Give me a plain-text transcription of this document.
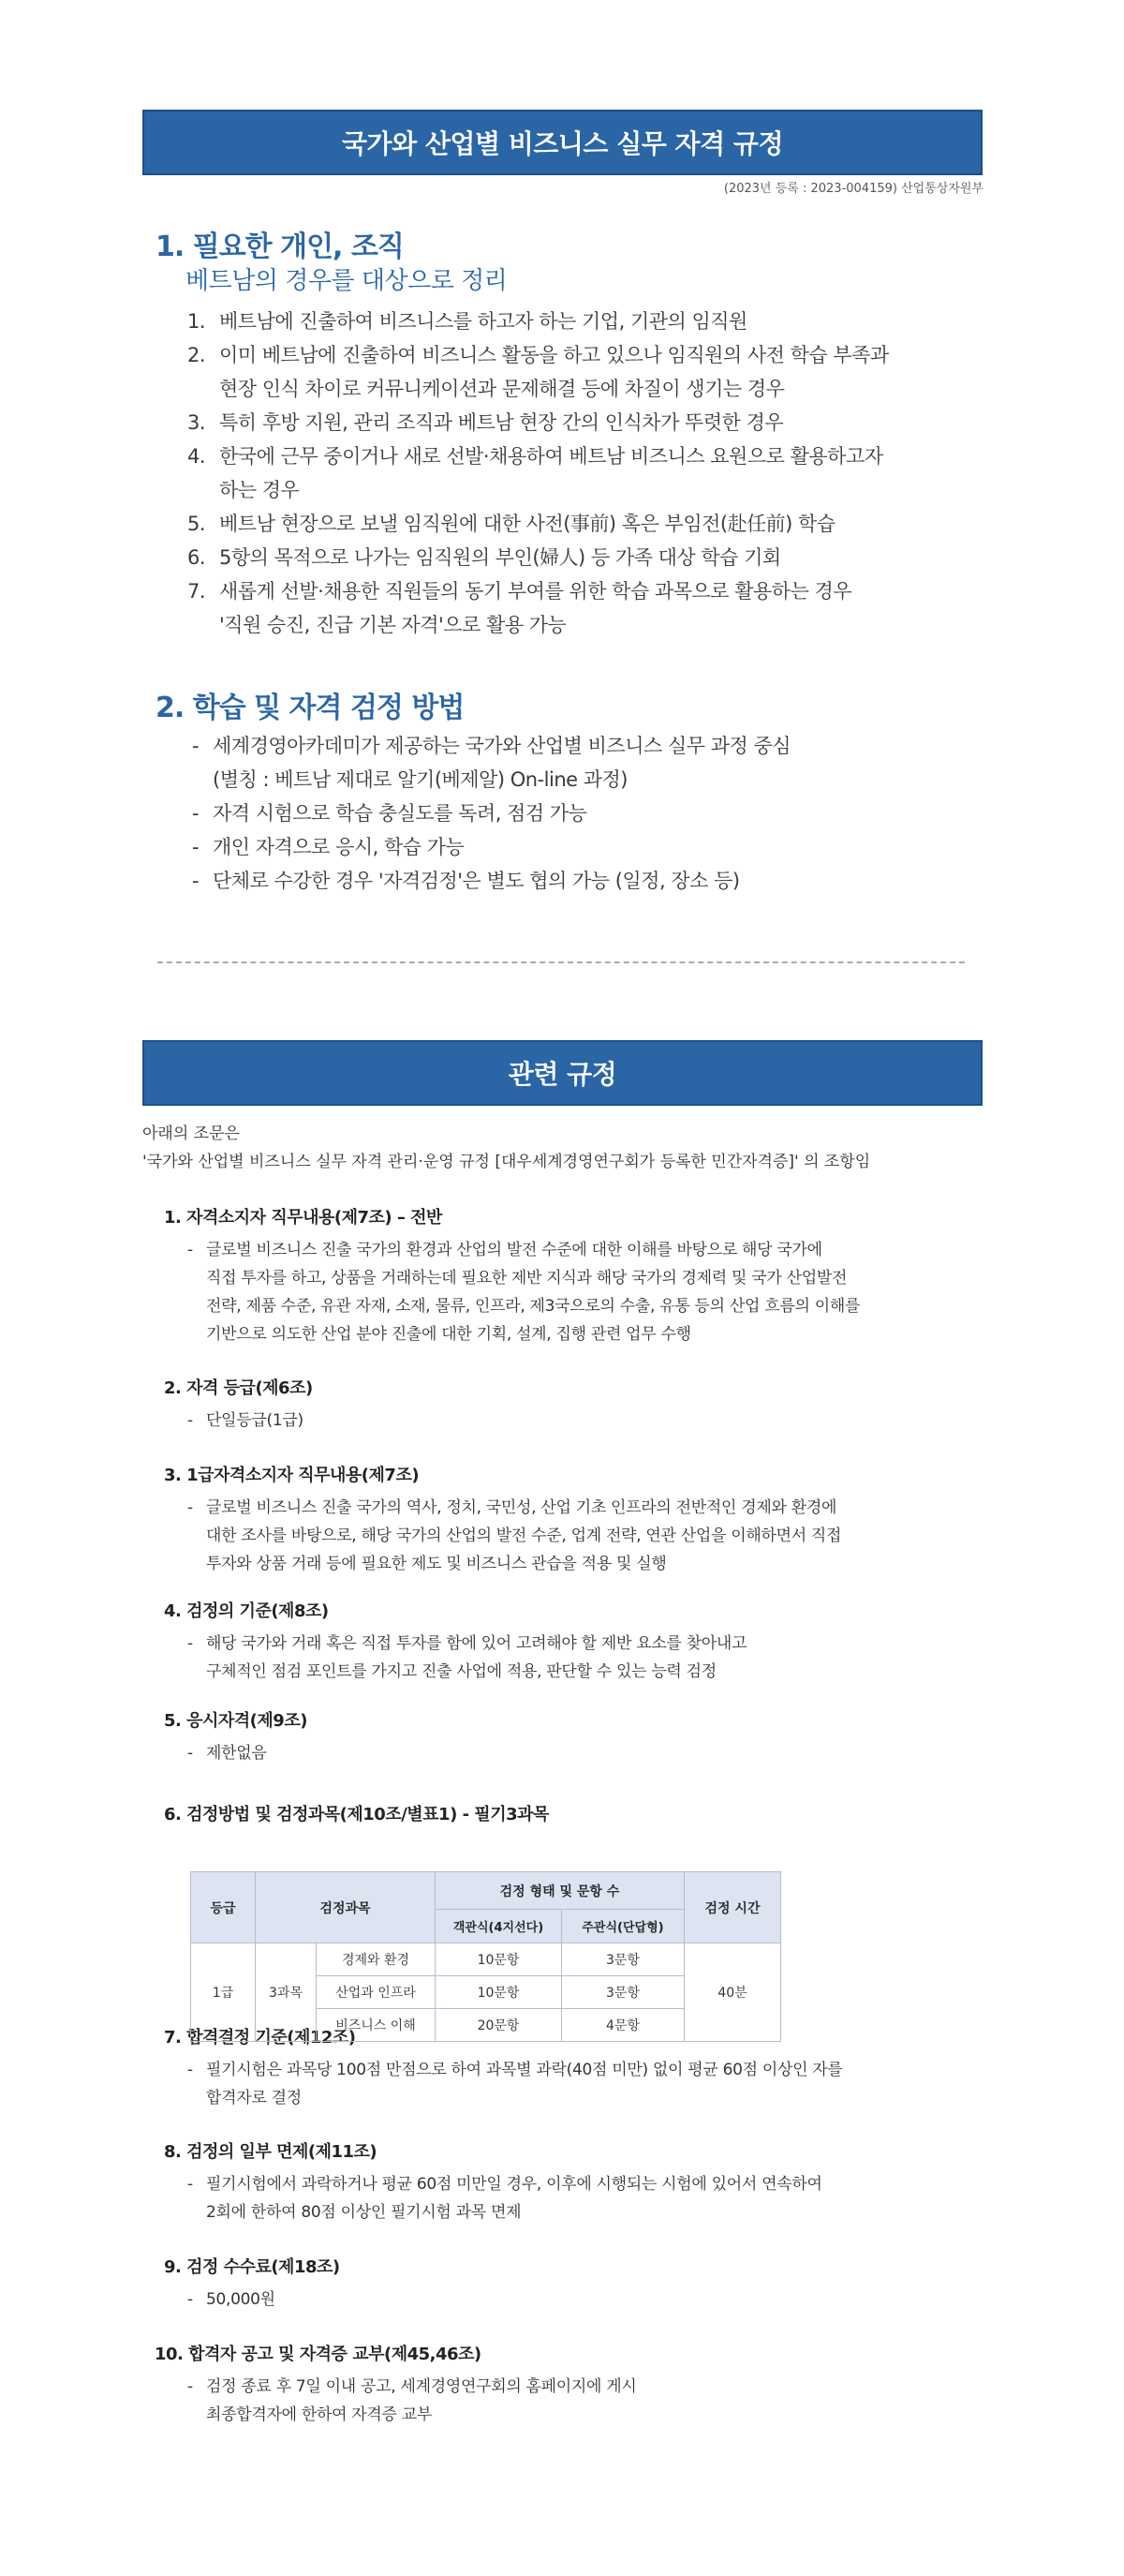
국가와 산업별 비즈니스 실무 자격 규정
(2023년 등록 : 2023-004159) 산업통상자원부
1. 필요한 개인, 조직
베트남의 경우를 대상으로 정리
1. 베트남에 진출하여 비즈니스를 하고자 하는 기업, 기관의 임직원
2. 이미 베트남에 진출하여 비즈니스 활동을 하고 있으나 임직원의 사전 학습 부족과
현장 인식 차이로 커뮤니케이션과 문제해결 등에 차질이 생기는 경우
3. 특히 후방 지원, 관리 조직과 베트남 현장 간의 인식차가 뚜렷한 경우
4. 한국에 근무 중이거나 새로 선발·채용하여 베트남 비즈니스 요원으로 활용하고자
하는 경우
5. 베트남 현장으로 보낼 임직원에 대한 사전(事前) 혹은 부임전(赴任前) 학습
6. 5항의 목적으로 나가는 임직원의 부인(婦人) 등 가족 대상 학습 기회
7. 새롭게 선발·채용한 직원들의 동기 부여를 위한 학습 과목으로 활용하는 경우
'직원 승진, 진급 기본 자격'으로 활용 가능
2. 학습 및 자격 검정 방법
- 세계경영아카데미가 제공하는 국가와 산업별 비즈니스 실무 과정 중심
(별칭 : 베트남 제대로 알기(베제알) On-line 과정)
- 자격 시험으로 학습 충실도를 독려, 점검 가능
- 개인 자격으로 응시, 학습 가능
- 단체로 수강한 경우 '자격검정'은 별도 협의 가능 (일정, 장소 등)
관련 규정
아래의 조문은
'국가와 산업별 비즈니스 실무 자격 관리·운영 규정 [대우세계경영연구회가 등록한 민간자격증]' 의 조항임
1. 자격소지자 직무내용(제7조) – 전반
- 글로벌 비즈니스 진출 국가의 환경과 산업의 발전 수준에 대한 이해를 바탕으로 해당 국가에
직접 투자를 하고, 상품을 거래하는데 필요한 제반 지식과 해당 국가의 경제력 및 국가 산업발전
전략, 제품 수준, 유관 자재, 소재, 물류, 인프라, 제3국으로의 수출, 유통 등의 산업 흐름의 이해를
기반으로 의도한 산업 분야 진출에 대한 기획, 설계, 집행 관련 업무 수행
2. 자격 등급(제6조)
- 단일등급(1급)
3. 1급자격소지자 직무내용(제7조)
- 글로벌 비즈니스 진출 국가의 역사, 정치, 국민성, 산업 기초 인프라의 전반적인 경제와 환경에
대한 조사를 바탕으로, 해당 국가의 산업의 발전 수준, 업계 전략, 연관 산업을 이해하면서 직접
투자와 상품 거래 등에 필요한 제도 및 비즈니스 관습을 적용 및 실행
4. 검정의 기준(제8조)
- 해당 국가와 거래 혹은 직접 투자를 함에 있어 고려해야 할 제반 요소를 찾아내고
구체적인 점검 포인트를 가지고 진출 사업에 적용, 판단할 수 있는 능력 검정
5. 응시자격(제9조)
- 제한없음
6. 검정방법 및 검정과목(제10조/별표1) - 필기3과목
7. 합격결정 기준(제12조)
- 필기시험은 과목당 100점 만점으로 하여 과목별 과락(40점 미만) 없이 평균 60점 이상인 자를
합격자로 결정
8. 검정의 일부 면제(제11조)
- 필기시험에서 과락하거나 평균 60점 미만일 경우, 이후에 시행되는 시험에 있어서 연속하여
2회에 한하여 80점 이상인 필기시험 과목 면제
9. 검정 수수료(제18조)
- 50,000원
10. 합격자 공고 및 자격증 교부(제45,46조)
- 검정 종료 후 7일 이내 공고, 세계경영연구회의 홈페이지에 게시
최종합격자에 한하여 자격증 교부
등급	검정과목		검정 형태 및 문항 수		검정 시간
			객관식(4지선다)	주관식(단답형)	
1급	3과목	경제와 환경	10문항	3문항	40분
		산업과 인프라	10문항	3문항	
		비즈니스 이해	20문항	4문항	
